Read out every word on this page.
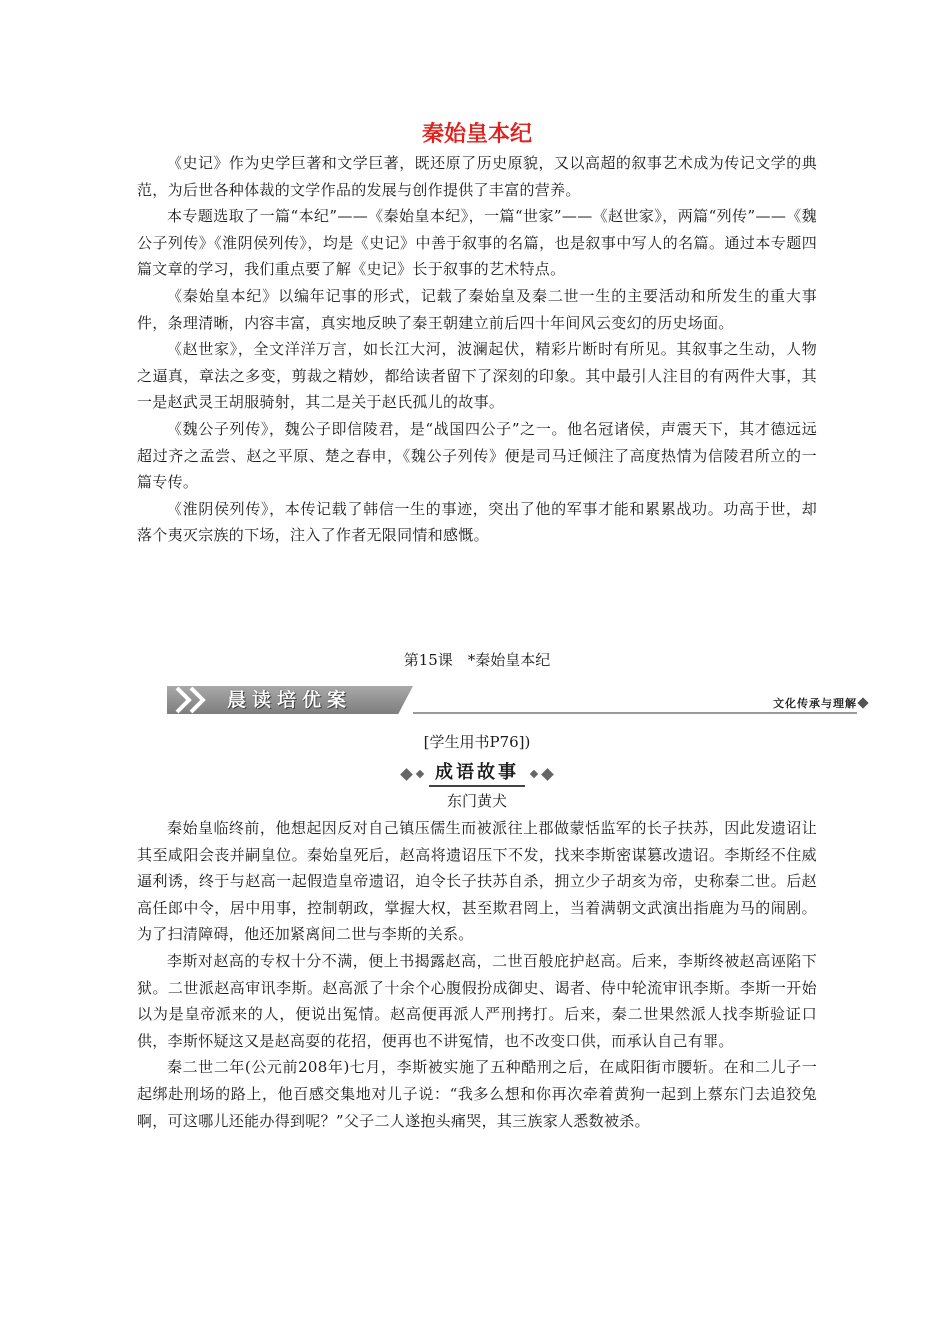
秦始皇本纪

《史记》作为史学巨著和文学巨著，既还原了历史原貌，又以高超的叙事艺术成为传记文学的典范，为后世各种体裁的文学作品的发展与创作提供了丰富的营养。

本专题选取了一篇“本纪”——《秦始皇本纪》，一篇“世家”——《赵世家》，两篇“列传”——《魏公子列传》《淮阴侯列传》，均是《史记》中善于叙事的名篇，也是叙事中写人的名篇。通过本专题四篇文章的学习，我们重点要了解《史记》长于叙事的艺术特点。

《秦始皇本纪》以编年记事的形式，记载了秦始皇及秦二世一生的主要活动和所发生的重大事件，条理清晰，内容丰富，真实地反映了秦王朝建立前后四十年间风云变幻的历史场面。

《赵世家》，全文洋洋万言，如长江大河，波澜起伏，精彩片断时有所见。其叙事之生动，人物之逼真，章法之多变，剪裁之精妙，都给读者留下了深刻的印象。其中最引人注目的有两件大事，其一是赵武灵王胡服骑射，其二是关于赵氏孤儿的故事。

《魏公子列传》，魏公子即信陵君，是“战国四公子”之一。他名冠诸侯，声震天下，其才德远远超过齐之孟尝、赵之平原、楚之春申，《魏公子列传》便是司马迁倾注了高度热情为信陵君所立的一篇专传。

《淮阴侯列传》，本传记载了韩信一生的事迹，突出了他的军事才能和累累战功。功高于世，却落个夷灭宗族的下场，注入了作者无限同情和感慨。

第15课　*秦始皇本纪
晨读培优案	文化传承与理解
[学生用书P76])
成语故事
东门黄犬

秦始皇临终前，他想起因反对自己镇压儒生而被派往上郡做蒙恬监军的长子扶苏，因此发遗诏让其至咸阳会丧并嗣皇位。秦始皇死后，赵高将遗诏压下不发，找来李斯密谋篡改遗诏。李斯经不住威逼利诱，终于与赵高一起假造皇帝遗诏，迫令长子扶苏自杀，拥立少子胡亥为帝，史称秦二世。后赵高任郎中令，居中用事，控制朝政，掌握大权，甚至欺君罔上，当着满朝文武演出指鹿为马的闹剧。为了扫清障碍，他还加紧离间二世与李斯的关系。

李斯对赵高的专权十分不满，便上书揭露赵高，二世百般庇护赵高。后来，李斯终被赵高诬陷下狱。二世派赵高审讯李斯。赵高派了十余个心腹假扮成御史、谒者、侍中轮流审讯李斯。李斯一开始以为是皇帝派来的人，便说出冤情。赵高便再派人严刑拷打。后来，秦二世果然派人找李斯验证口供，李斯怀疑这又是赵高耍的花招，便再也不讲冤情，也不改变口供，而承认自己有罪。

秦二世二年(公元前208年)七月，李斯被实施了五种酷刑之后，在咸阳街市腰斩。在和二儿子一起绑赴刑场的路上，他百感交集地对儿子说：“我多么想和你再次牵着黄狗一起到上蔡东门去追狡兔啊，可这哪儿还能办得到呢？”父子二人遂抱头痛哭，其三族家人悉数被杀。
